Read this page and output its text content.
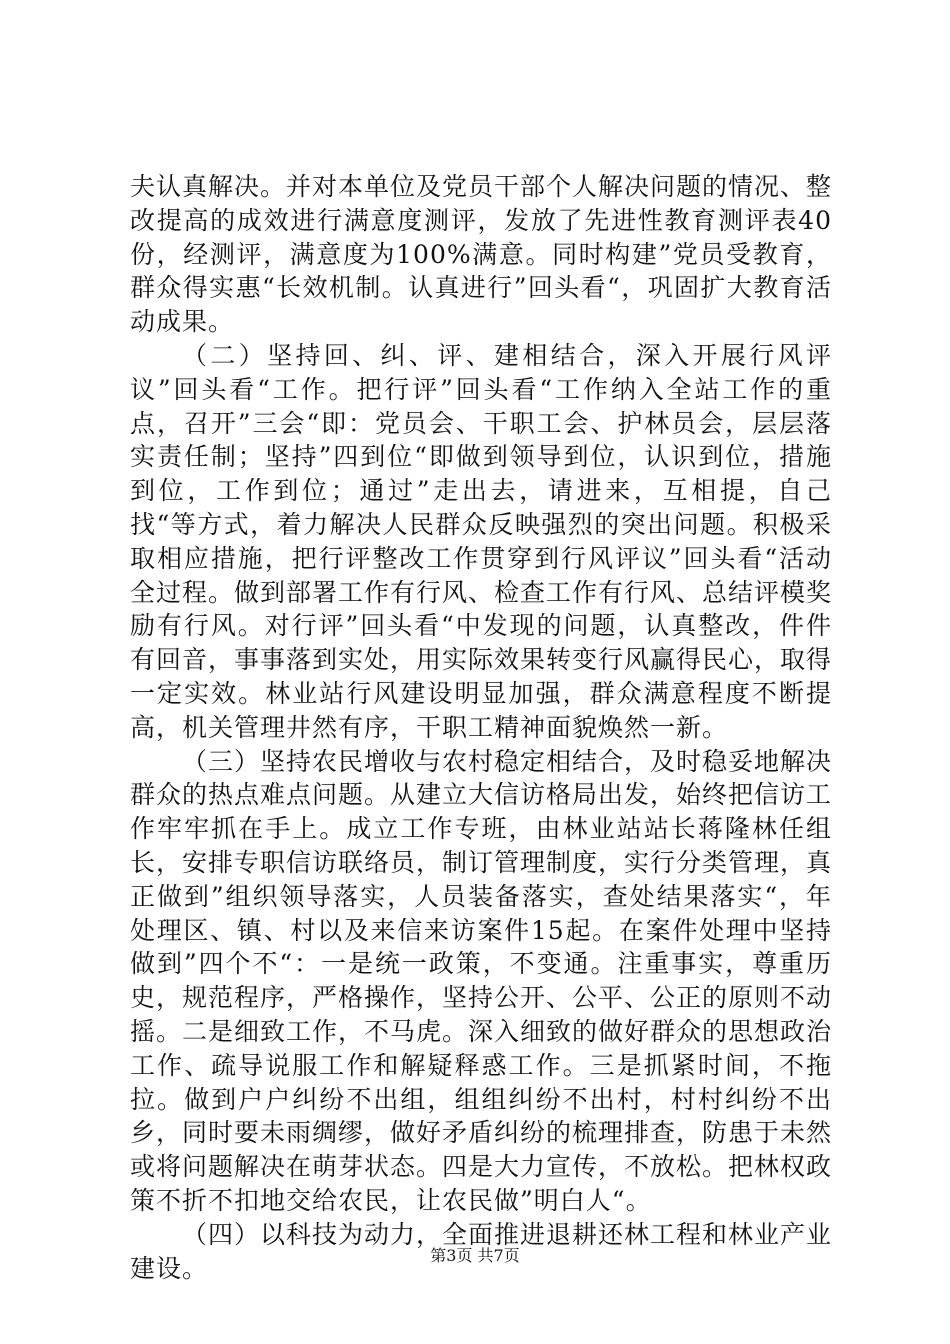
夫认真解决。并对本单位及党员干部个人解决问题的情况、整改提高的成效进行满意度测评，发放了先进性教育测评表40份，经测评，满意度为100%满意。同时构建”党员受教育，群众得实惠“长效机制。认真进行”回头看“，巩固扩大教育活动成果。

（二）坚持回、纠、评、建相结合，深入开展行风评议”回头看“工作。把行评”回头看“工作纳入全站工作的重点，召开”三会“即：党员会、干职工会、护林员会，层层落实责任制；坚持”四到位“即做到领导到位，认识到位，措施到位，工作到位；通过”走出去，请进来，互相提，自己找“等方式，着力解决人民群众反映强烈的突出问题。积极采取相应措施，把行评整改工作贯穿到行风评议”回头看“活动全过程。做到部署工作有行风、检查工作有行风、总结评模奖励有行风。对行评”回头看“中发现的问题，认真整改，件件有回音，事事落到实处，用实际效果转变行风赢得民心，取得一定实效。林业站行风建设明显加强，群众满意程度不断提高，机关管理井然有序，干职工精神面貌焕然一新。

（三）坚持农民增收与农村稳定相结合，及时稳妥地解决群众的热点难点问题。从建立大信访格局出发，始终把信访工作牢牢抓在手上。成立工作专班，由林业站站长蒋隆林任组长，安排专职信访联络员，制订管理制度，实行分类管理，真正做到”组织领导落实，人员装备落实，查处结果落实“，年处理区、镇、村以及来信来访案件15起。在案件处理中坚持做到”四个不“：一是统一政策，不变通。注重事实，尊重历史，规范程序，严格操作，坚持公开、公平、公正的原则不动摇。二是细致工作，不马虎。深入细致的做好群众的思想政治工作、疏导说服工作和解疑释惑工作。三是抓紧时间，不拖拉。做到户户纠纷不出组，组组纠纷不出村，村村纠纷不出乡，同时要未雨绸缪，做好矛盾纠纷的梳理排查，防患于未然或将问题解决在萌芽状态。四是大力宣传，不放松。把林权政策不折不扣地交给农民，让农民做”明白人“。

（四）以科技为动力，全面推进退耕还林工程和林业产业建设。	第3页 共7页
